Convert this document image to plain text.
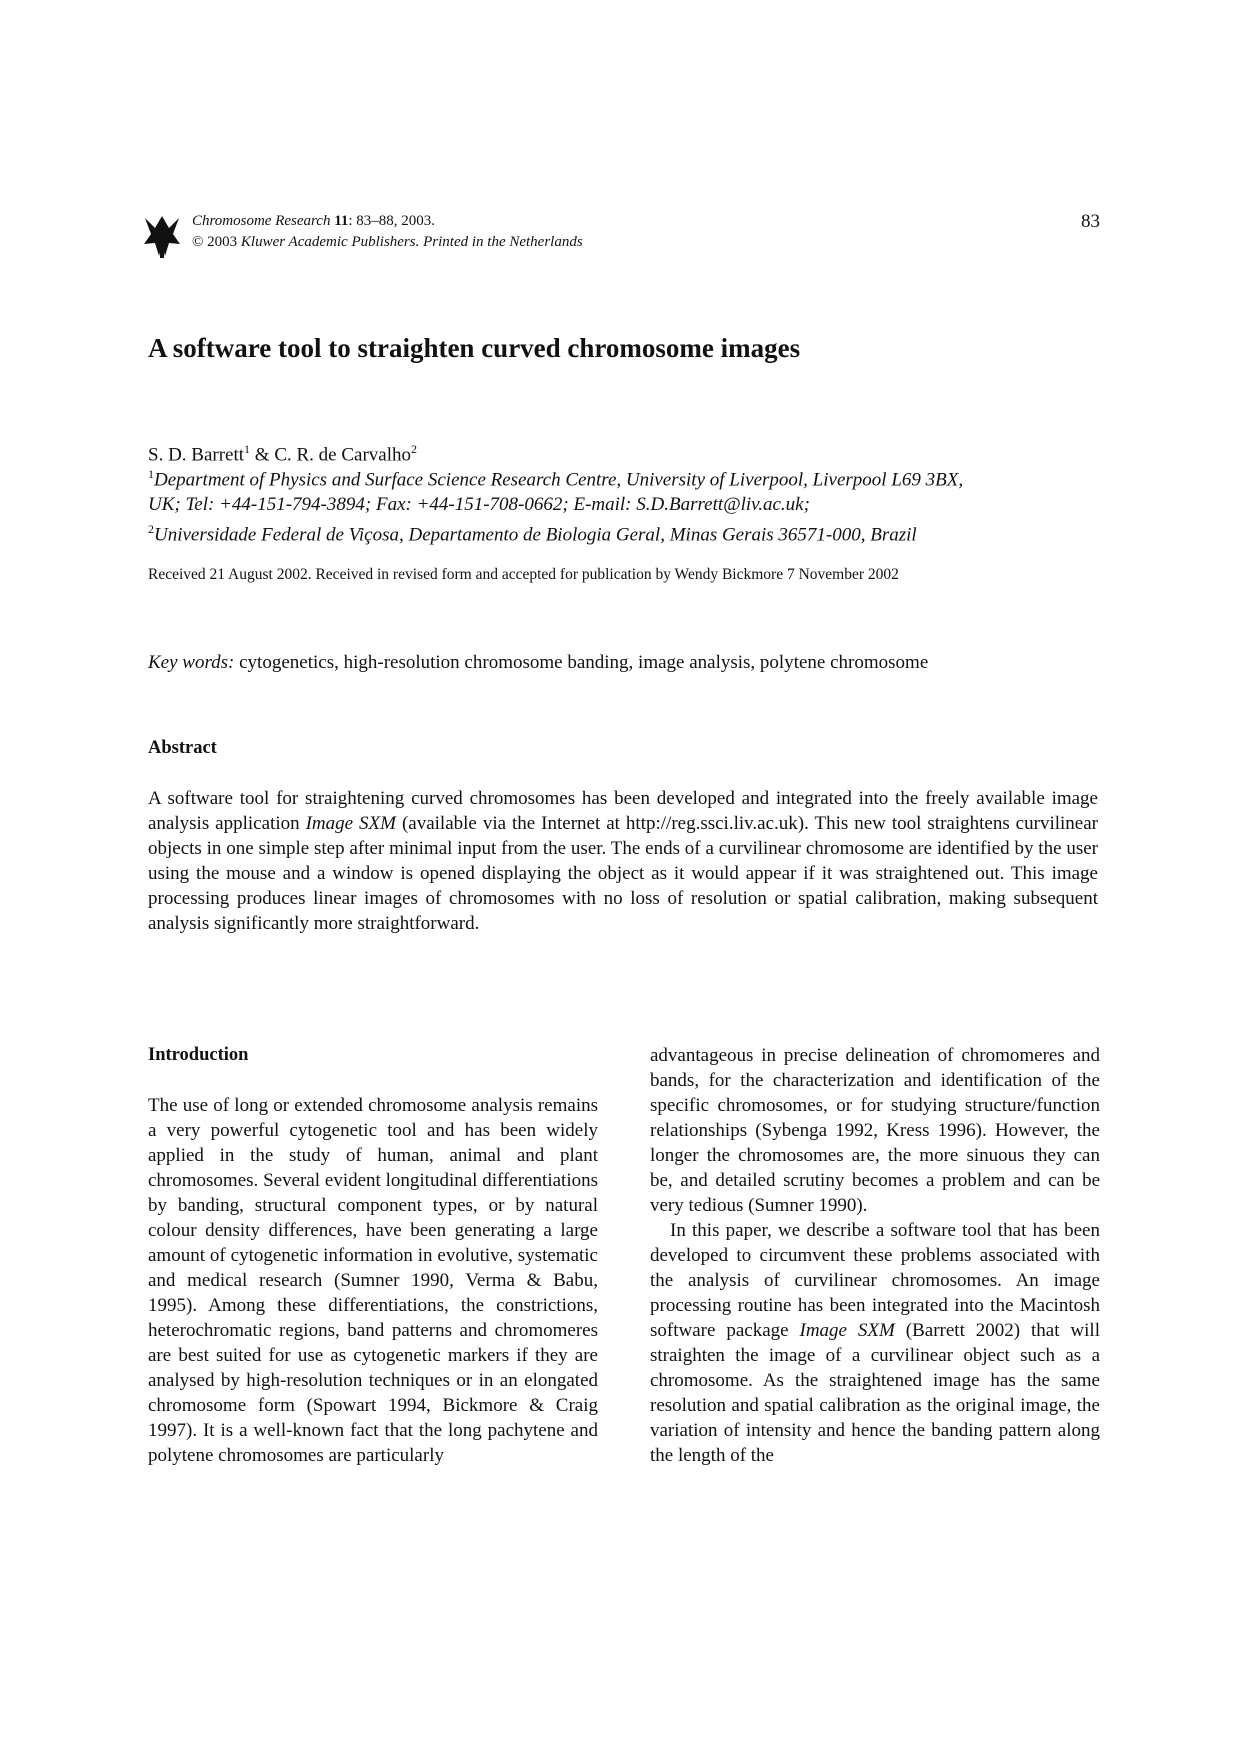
Chromosome Research 11: 83–88, 2003.
© 2003 Kluwer Academic Publishers. Printed in the Netherlands
83
A software tool to straighten curved chromosome images
S. D. Barrett$^1$ & C. R. de Carvalho$^2$
$^1$Department of Physics and Surface Science Research Centre, University of Liverpool, Liverpool L69 3BX,
UK; Tel: +44-151-794-3894; Fax: +44-151-708-0662; E-mail: S.D.Barrett@liv.ac.uk;
$^2$Universidade Federal de Viçosa, Departamento de Biologia Geral, Minas Gerais 36571-000, Brazil
Received 21 August 2002. Received in revised form and accepted for publication by Wendy Bickmore 7 November 2002
Key words: cytogenetics, high-resolution chromosome banding, image analysis, polytene chromosome
Abstract

A software tool for straightening curved chromosomes has been developed and integrated into the freely available image analysis application Image SXM (available via the Internet at http://reg.ssci.liv.ac.uk). This new tool straightens curvilinear objects in one simple step after minimal input from the user. The ends of a curvilinear chromosome are identified by the user using the mouse and a window is opened displaying the object as it would appear if it was straightened out. This image processing produces linear images of chromosomes with no loss of resolution or spatial calibration, making subsequent analysis significantly more straightforward.

Introduction

The use of long or extended chromosome analysis remains a very powerful cytogenetic tool and has been widely applied in the study of human, animal and plant chromosomes. Several evident longitudinal differentiations by banding, structural component types, or by natural colour density differences, have been generating a large amount of cytogenetic information in evolutive, systematic and medical research (Sumner 1990, Verma & Babu, 1995). Among these differentiations, the constrictions, heterochromatic regions, band patterns and chromomeres are best suited for use as cytogenetic markers if they are analysed by high-resolution techniques or in an elongated chromosome form (Spowart 1994, Bickmore & Craig 1997). It is a well-known fact that the long pachytene and polytene chromosomes are particularly

advantageous in precise delineation of chromomeres and bands, for the characterization and identification of the specific chromosomes, or for studying structure/function relationships (Sybenga 1992, Kress 1996). However, the longer the chromosomes are, the more sinuous they can be, and detailed scrutiny becomes a problem and can be very tedious (Sumner 1990).

In this paper, we describe a software tool that has been developed to circumvent these problems associated with the analysis of curvilinear chromosomes. An image processing routine has been integrated into the Macintosh software package Image SXM (Barrett 2002) that will straighten the image of a curvilinear object such as a chromosome. As the straightened image has the same resolution and spatial calibration as the original image, the variation of intensity and hence the banding pattern along the length of the
